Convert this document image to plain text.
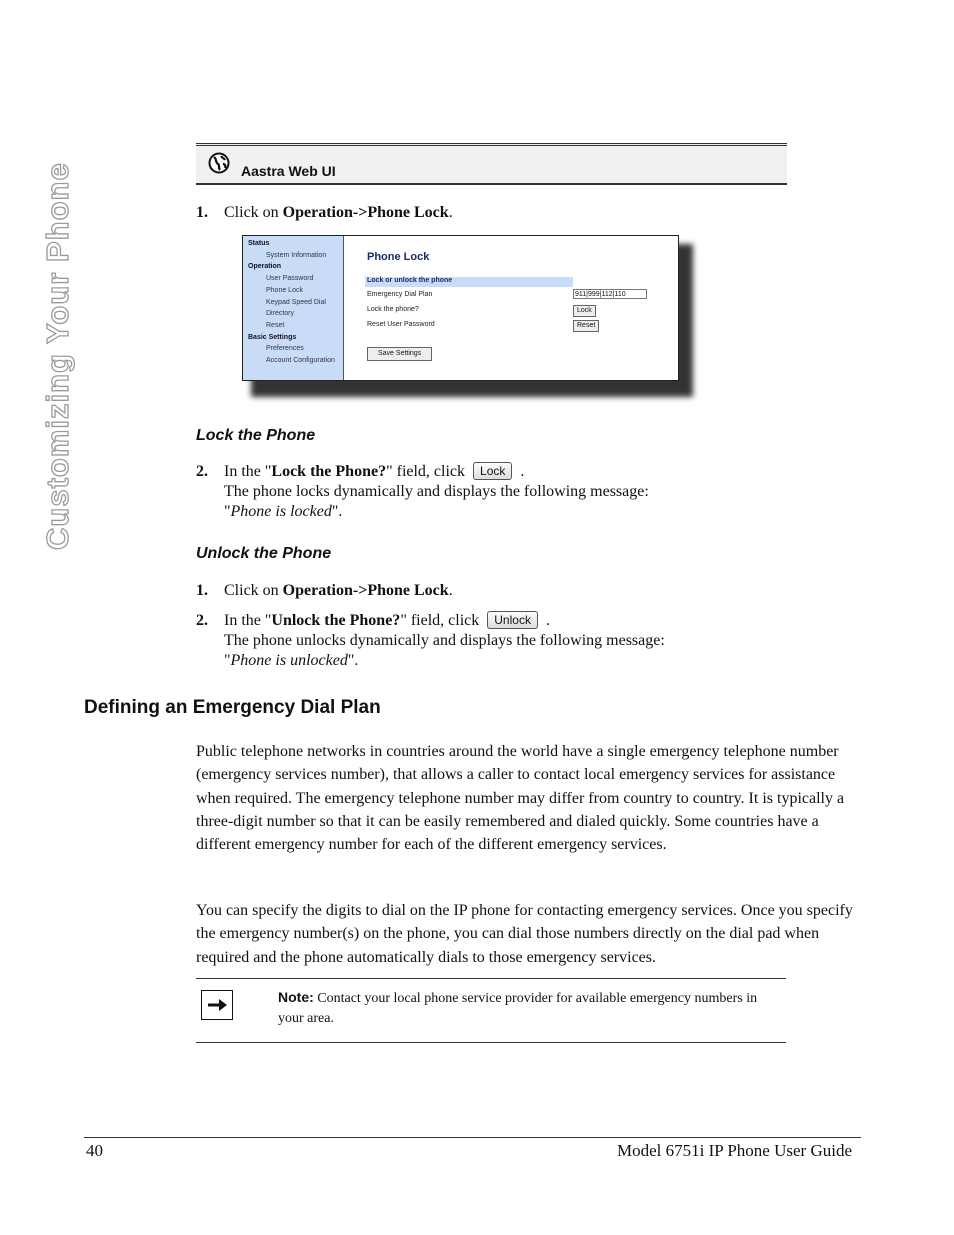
Customizing Your Phone	Aastra Web UI
1.	Click on Operation->Phone Lock.
Status
System Information
Operation
User Password
Phone Lock
Keypad Speed Dial
Directory
Reset
Basic Settings
Preferences
Account Configuration
Phone Lock
Lock or unlock the phone
Emergency Dial Plan	911|999|112|110
Lock the phone?	Lock
Reset User Password	Reset
Save Settings
Lock the Phone
2.	In the "Lock the Phone?" field, click Lock .
The phone locks dynamically and displays the following message:
"Phone is locked".
Unlock the Phone
1.	Click on Operation->Phone Lock.
2.	In the "Unlock the Phone?" field, click Unlock .
The phone unlocks dynamically and displays the following message:
"Phone is unlocked".
Defining an Emergency Dial Plan

Public telephone networks in countries around the world have a single emergency telephone number (emergency services number), that allows a caller to contact local emergency services for assistance when required. The emergency telephone number may differ from country to country. It is typically a three-digit number so that it can be easily remembered and dialed quickly. Some countries have a different emergency number for each of the different emergency services.

You can specify the digits to dial on the IP phone for contacting emergency services. Once you specify the emergency number(s) on the phone, you can dial those numbers directly on the dial pad when required and the phone automatically dials to those emergency services.

Note: Contact your local phone service provider for available emergency numbers in your area.
40	Model 6751i IP Phone User Guide
